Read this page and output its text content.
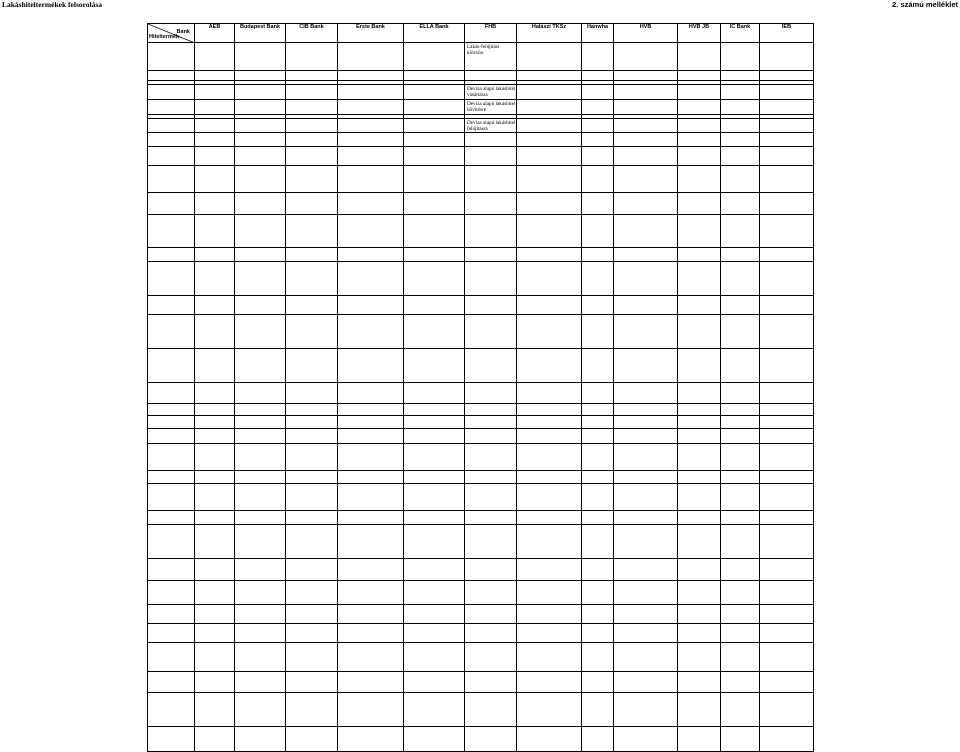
Lakáshiteltermékek felsorolása	2. számú melléklet
Bank
Hiteltermék	ÁÉB	Budapest Bank	CIB Bank	Erste Bank	ELLA Bank	FHB	Halászi TKSz	Hanwha	HVB	HVB JB	IC Bank	IEB

						Lakás-felújítási kölcsön						

						Deviza alapú lakáshitel vásárlásra						

						Deviza alapú lakáshitel bővítésre						

						Deviza alapú lakáshitel felújításra						
